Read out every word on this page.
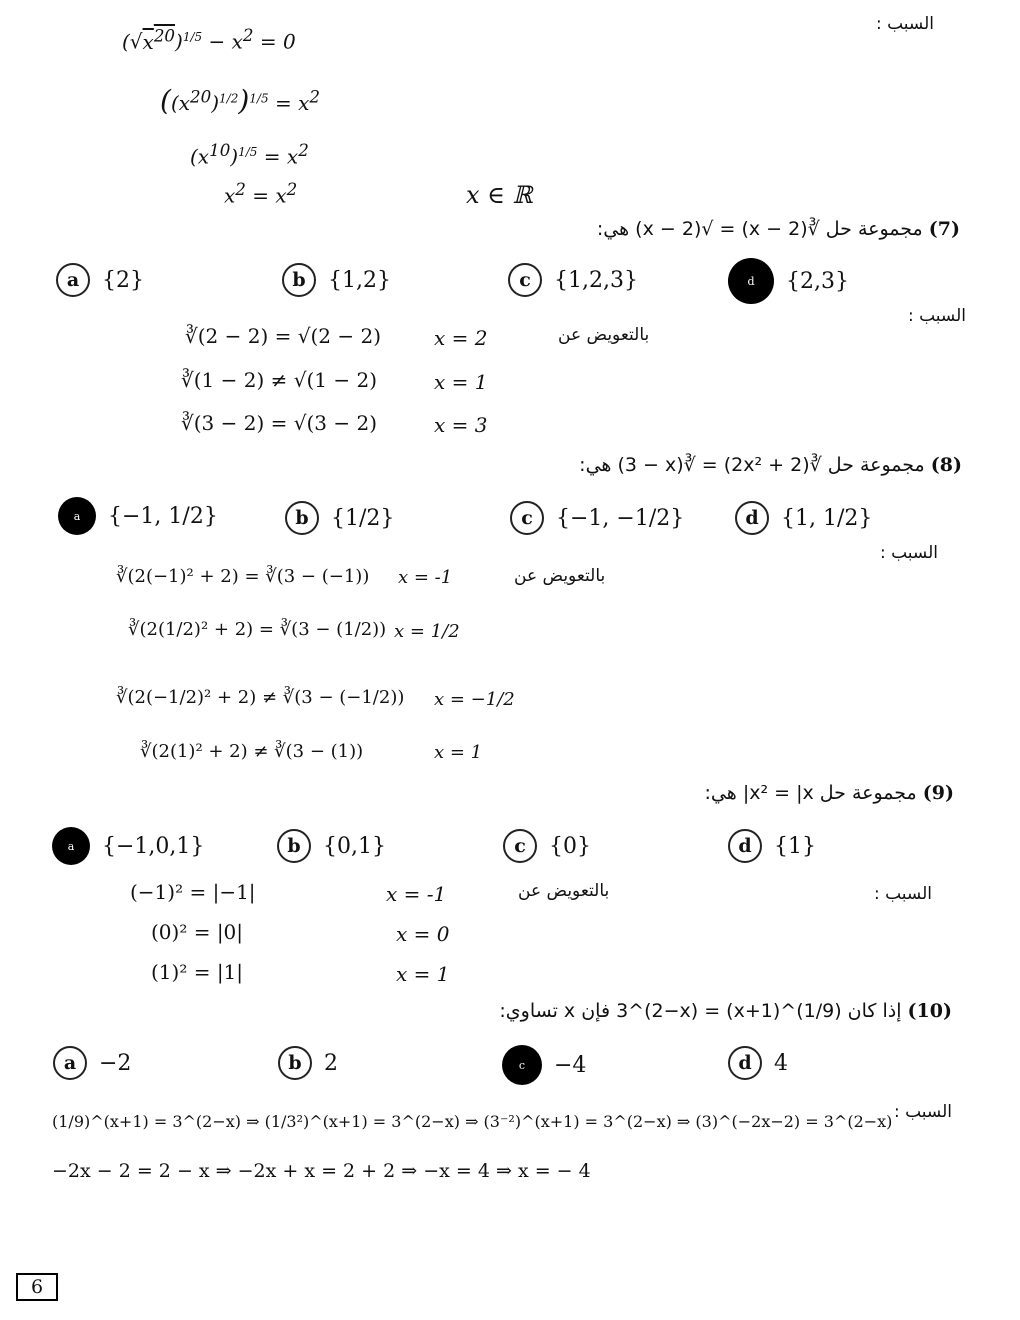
السبب :
$(√x^{20})^{1/5} - x^2 = 0$
$((x^{20})^{1/2})^{1/5} = x^2$
$(x^{10})^{1/5} = x^2$
$x^2 = x^2$	x ∈ ℝ
(7) مجموعة حل ∛(x − 2) = √(x − 2) هي:
a	{2}	b	{1,2}	c	{1,2,3}	d	{2,3}
السبب :
بالتعويض عن
∛(2 − 2) = √(2 − 2)	x = 2
∛(1 − 2) ≠ √(1 − 2)	x = 1
∛(3 − 2) = √(3 − 2)	x = 3
(8) مجموعة حل ∛(2x² + 2) = ∛(3 − x) هي:
a	{−1, 1/2}	b	{1/2}	c	{−1, −1/2}	d	{1, 1/2}
السبب :
بالتعويض عن
∛(2(−1)² + 2) = ∛(3 − (−1)) x = -1
∛(2(1/2)² + 2) = ∛(3 − (1/2)) x = 1/2
∛(2(−1/2)² + 2) ≠ ∛(3 − (−1/2)) x = −1/2
∛(2(1)² + 2) ≠ ∛(3 − (1))	x = 1
(9) مجموعة حل x² = |x| هي:
a	{−1,0,1}	b	{0,1}	c	{0}	d	{1}
السبب :
بالتعويض عن
(−1)² = |−1|	x = -1
(0)² = |0|	x = 0
(1)² = |1|	x = 1
(10) إذا كان (1/9)^(x+1) = 3^(2−x) فإن x تساوي:
a	−2	b	2	c	−4	d	4
السبب :
(1/9)^(x+1) = 3^(2−x) ⇒ (1/3²)^(x+1) = 3^(2−x) ⇒ (3⁻²)^(x+1) = 3^(2−x) ⇒ (3)^(−2x−2) = 3^(2−x)
−2x − 2 = 2 − x ⇒ −2x + x = 2 + 2 ⇒ −x = 4 ⇒ x = − 4
6
